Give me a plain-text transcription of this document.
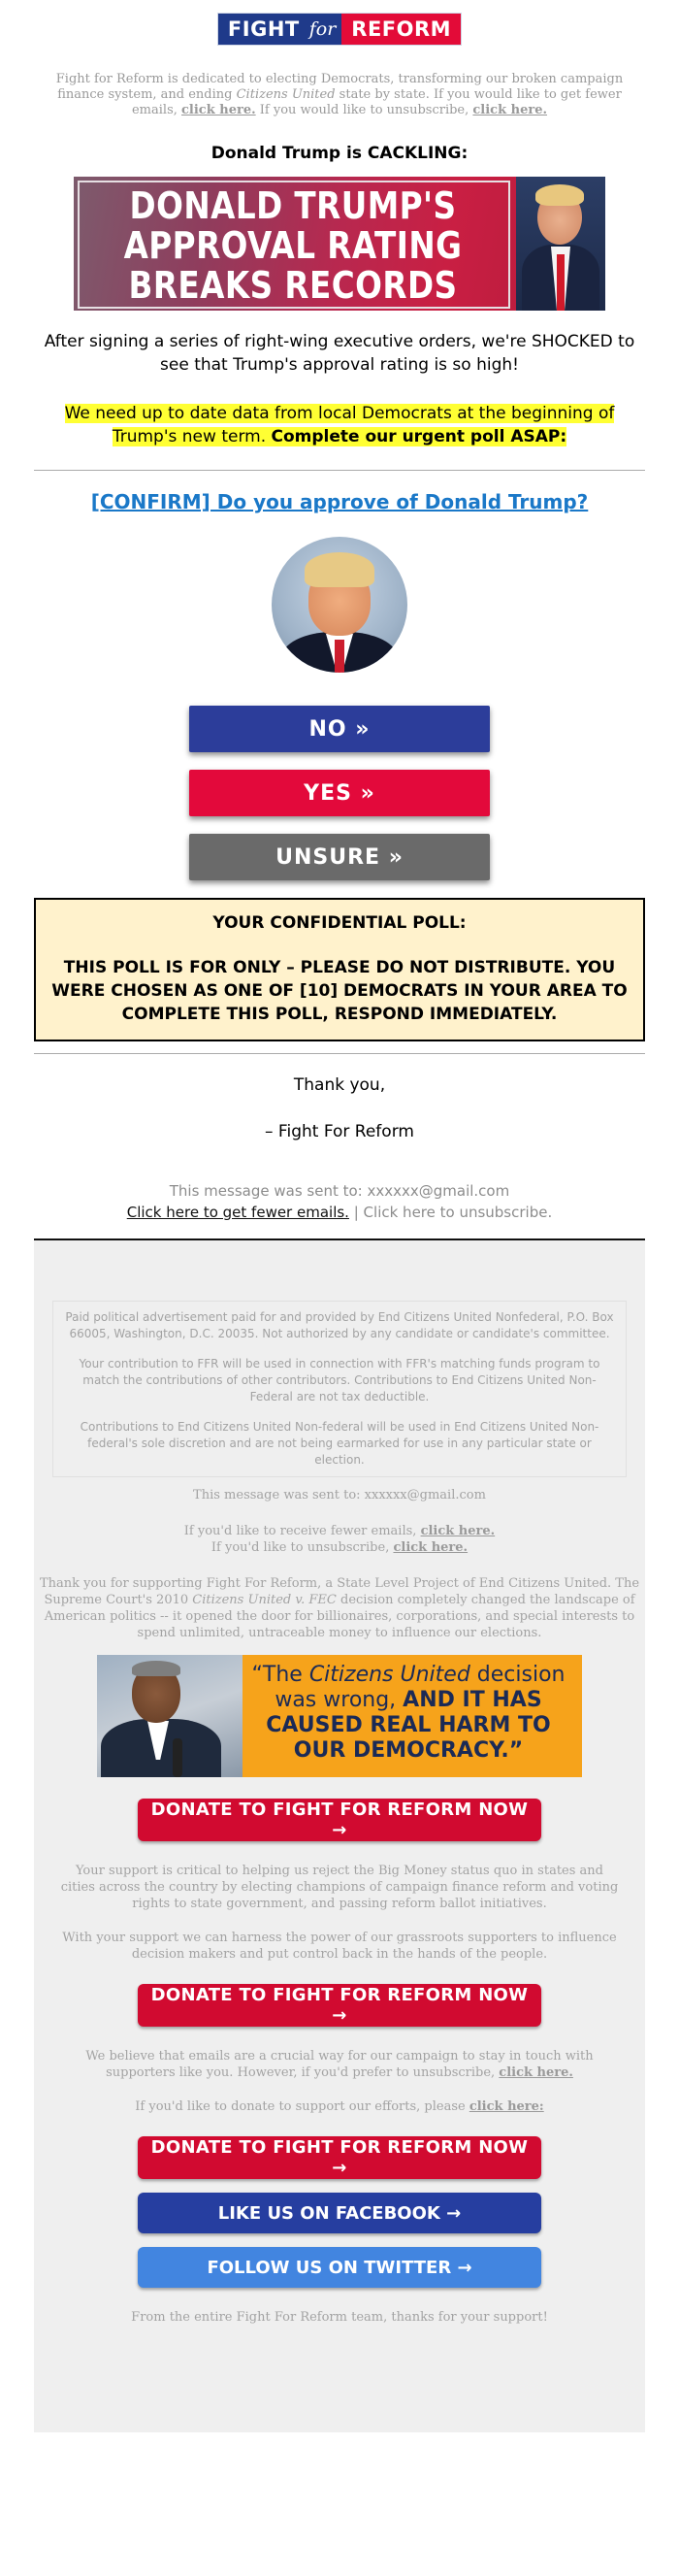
FIGHT for REFORM
Fight for Reform is dedicated to electing Democrats, transforming our broken campaign finance system, and ending Citizens United state by state. If you would like to get fewer emails, click here. If you would like to unsubscribe, click here.
Donald Trump is CACKLING:
DONALD TRUMP'S
APPROVAL RATING
BREAKS RECORDS
After signing a series of right-wing executive orders, we're SHOCKED to see that Trump's approval rating is so high!
We need up to date data from local Democrats at the beginning of Trump's new term. Complete our urgent poll ASAP:
[CONFIRM] Do you approve of Donald Trump?
NO »
YES »
UNSURE »
YOUR CONFIDENTIAL POLL:
THIS POLL IS FOR ONLY – PLEASE DO NOT DISTRIBUTE. YOU WERE CHOSEN AS ONE OF [10] DEMOCRATS IN YOUR AREA TO COMPLETE THIS POLL, RESPOND IMMEDIATELY.
Thank you,
– Fight For Reform
This message was sent to: xxxxxx@gmail.com
Click here to get fewer emails. | Click here to unsubscribe.

Paid political advertisement paid for and provided by End Citizens United Nonfederal, P.O. Box 66005, Washington, D.C. 20035. Not authorized by any candidate or candidate's committee.

Your contribution to FFR will be used in connection with FFR's matching funds program to match the contributions of other contributors. Contributions to End Citizens United Non-Federal are not tax deductible.

Contributions to End Citizens United Non-federal will be used in End Citizens United Non-federal's sole discretion and are not being earmarked for use in any particular state or election.

This message was sent to: xxxxxx@gmail.com
If you'd like to receive fewer emails, click here.
If you'd like to unsubscribe, click here.
Thank you for supporting Fight For Reform, a State Level Project of End Citizens United. The Supreme Court's 2010 Citizens United v. FEC decision completely changed the landscape of American politics -- it opened the door for billionaires, corporations, and special interests to spend unlimited, untraceable money to influence our elections.
“The Citizens United decision was wrong, AND IT HAS CAUSED REAL HARM TO OUR DEMOCRACY.”
DONATE TO FIGHT FOR REFORM NOW →
Your support is critical to helping us reject the Big Money status quo in states and cities across the country by electing champions of campaign finance reform and voting rights to state government, and passing reform ballot initiatives.
With your support we can harness the power of our grassroots supporters to influence decision makers and put control back in the hands of the people.
DONATE TO FIGHT FOR REFORM NOW →
We believe that emails are a crucial way for our campaign to stay in touch with supporters like you. However, if you'd prefer to unsubscribe, click here.
If you'd like to donate to support our efforts, please click here:
DONATE TO FIGHT FOR REFORM NOW →
LIKE US ON FACEBOOK →
FOLLOW US ON TWITTER →
From the entire Fight For Reform team, thanks for your support!
